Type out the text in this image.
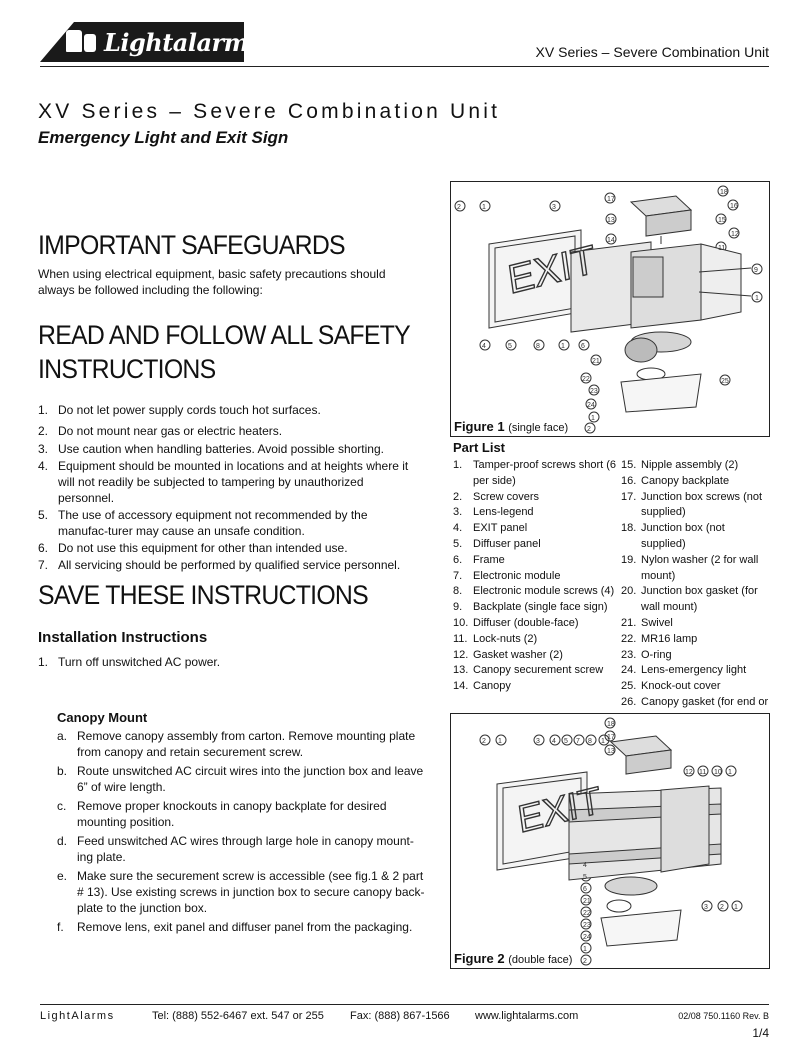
Lightalarms	XV Series – Severe Combination Unit
XV Series – Severe Combination Unit
Emergency Light and Exit Sign
IMPORTANT SAFEGUARDS
When using electrical equipment, basic safety precautions should always be followed including the following:
READ AND FOLLOW ALL SAFETY
INSTRUCTIONS
1. Do not let power supply cords touch hot surfaces.
2. Do not mount near gas or electric heaters.
3. Use caution when handling batteries. Avoid possible shorting.
4. Equipment should be mounted in locations and at heights where it will not readily be subjected to tampering by unauthorized personnel.
5. The use of accessory equipment not recommended by the manufac-turer may cause an unsafe condition.
6. Do not use this equipment for other than intended use.
7. All servicing should be performed by qualified service personnel.
SAVE THESE INSTRUCTIONS
Installation Instructions
1. Turn off unswitched AC power.
Canopy Mount
a. Remove canopy assembly from carton. Remove mounting plate from canopy and retain securement screw.
b. Route unswitched AC circuit wires into the junction box and leave 6” of wire length.
c. Remove proper knockouts in canopy backplate for desired mounting position.
d. Feed unswitched AC wires through large hole in canopy mount-ing plate.
e. Make sure the securement screw is accessible (see fig.1 & 2 part # 13). Use existing screws in junction box to secure canopy back-plate to the junction box.
f. Remove lens, exit panel and diffuser panel from the packaging.
2	1	3
18
16
15
12
11
9
1
17
13
14
4	5	8	1 6
21
22
23
24
1
2
25
EXIT
Figure 1 (single face)
Part List
1. Tamper-proof screws short (6 per side)
2. Screw covers
3. Lens-legend
4. EXIT panel
5. Diffuser panel
6. Frame
7. Electronic module
8. Electronic module screws (4)
9. Backplate (single face sign)
10. Diffuser (double-face)
11. Lock-nuts (2)
12. Gasket washer (2)
13. Canopy securement screw
14. Canopy
15. Nipple assembly (2)
16. Canopy backplate
17. Junction box screws (not supplied)
18. Junction box (not supplied)
19. Nylon washer (2 for wall mount)
20. Junction box gasket (for wall mount)
21. Swivel
22. MR16 lamp
23. O-ring
24. Lens-emergency light
25. Knock-out cover
26. Canopy gasket (for end or
2 1	3 4 5 7 8 1
18
17
13
12 11 10 1
4
5
6
21
22
23
24
1
2
3 2 1
EXIT
Figure 2 (double face)
LightAlarms	Tel: (888) 552-6467 ext. 547 or 255 Fax: (888) 867-1566 www.lightalarms.com	02/08 750.1160 Rev. B
1/4
